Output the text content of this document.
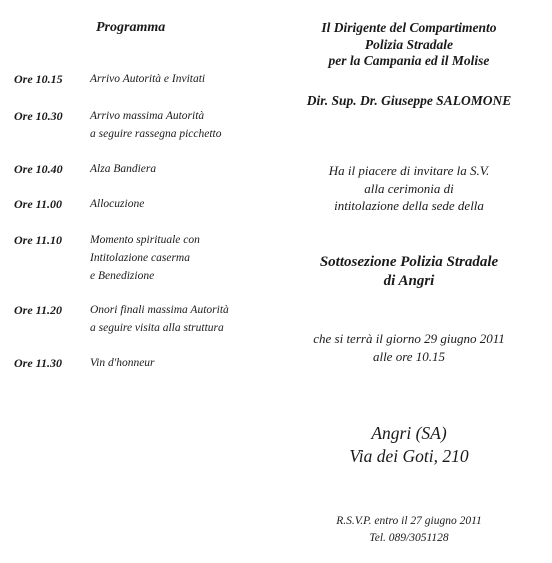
Programma
Ore 10.15 Arrivo Autorità e Invitati
Ore 10.30 Arrivo massima Autorità
a seguire rassegna picchetto
Ore 10.40 Alza Bandiera
Ore 11.00 Allocuzione
Ore 11.10 Momento spirituale con
Intitolazione caserma
e Benedizione
Ore 11.20 Onori finali massima Autorità
a seguire visita alla struttura
Ore 11.30 Vin d'honneur
Il Dirigente del Compartimento
Polizia Stradale
per la Campania ed il Molise
Dir. Sup. Dr. Giuseppe SALOMONE
Ha il piacere di invitare la S.V.
alla cerimonia di
intitolazione della sede della
Sottosezione Polizia Stradale
di Angri
che si terrà il giorno 29 giugno 2011
alle ore 10.15
Angri (SA)
Via dei Goti, 210
R.S.V.P. entro il 27 giugno 2011
Tel. 089/3051128
